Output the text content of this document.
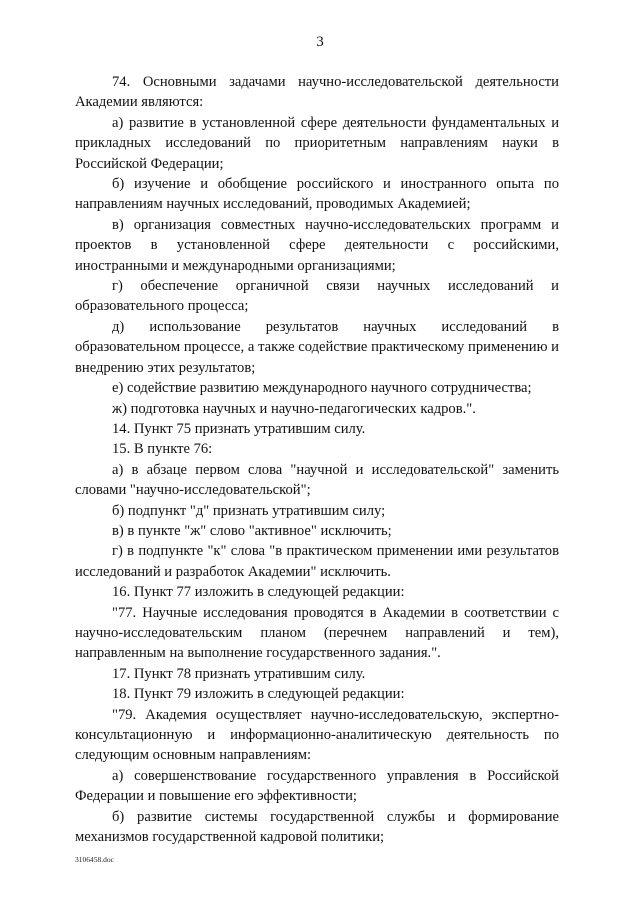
3

74. Основными задачами научно-исследовательской деятельности Академии являются:

а) развитие в установленной сфере деятельности фундаментальных и прикладных исследований по приоритетным направлениям науки в Российской Федерации;

б) изучение и обобщение российского и иностранного опыта по направлениям научных исследований, проводимых Академией;

в) организация совместных научно-исследовательских программ и проектов в установленной сфере деятельности с российскими, иностранными и международными организациями;

г) обеспечение органичной связи научных исследований и образовательного процесса;

д) использование результатов научных исследований в образовательном процессе, а также содействие практическому применению и внедрению этих результатов;

е) содействие развитию международного научного сотрудничества;

ж) подготовка научных и научно-педагогических кадров.".

14. Пункт 75 признать утратившим силу.

15. В пункте 76:

а) в абзаце первом слова "научной и исследовательской" заменить словами "научно-исследовательской";

б) подпункт "д" признать утратившим силу;

в) в пункте "ж" слово "активное" исключить;

г) в подпункте "к" слова "в практическом применении ими результатов исследований и разработок Академии" исключить.

16. Пункт 77 изложить в следующей редакции:

"77. Научные исследования проводятся в Академии в соответствии с научно-исследовательским планом (перечнем направлений и тем), направленным на выполнение государственного задания.".

17. Пункт 78 признать утратившим силу.

18. Пункт 79 изложить в следующей редакции:

"79. Академия осуществляет научно-исследовательскую, экспертно-консультационную и информационно-аналитическую деятельность по следующим основным направлениям:

а) совершенствование государственного управления в Российской Федерации и повышение его эффективности;

б) развитие системы государственной службы и формирование механизмов государственной кадровой политики;

3106458.doc
